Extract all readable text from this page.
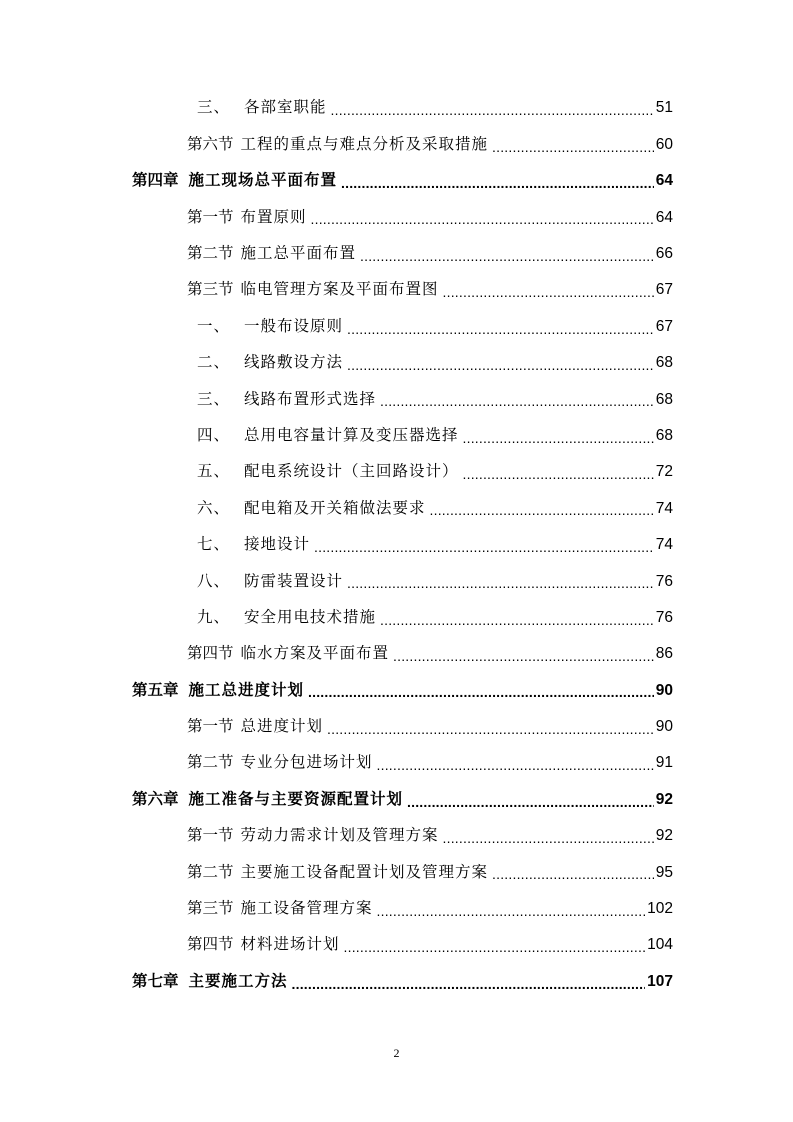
三、 各部室职能 .....	51
第六节 工程的重点与难点分析及采取措施 .....	60
第四章 施工现场总平面布置 .....	64
第一节 布置原则 .....	64
第二节 施工总平面布置 .....	66
第三节 临电管理方案及平面布置图 .....	67
一、 一般布设原则 .....	67
二、 线路敷设方法 .....	68
三、 线路布置形式选择 .....	68
四、 总用电容量计算及变压器选择 .....	68
五、 配电系统设计（主回路设计） .....	72
六、 配电箱及开关箱做法要求 .....	74
七、 接地设计 .....	74
八、 防雷装置设计 .....	76
九、 安全用电技术措施 .....	76
第四节 临水方案及平面布置 .....	86
第五章 施工总进度计划 .....	90
第一节 总进度计划 .....	90
第二节 专业分包进场计划 .....	91
第六章 施工准备与主要资源配置计划 .....	92
第一节 劳动力需求计划及管理方案 .....	92
第二节 主要施工设备配置计划及管理方案 .....	95
第三节 施工设备管理方案 .....	102
第四节 材料进场计划 .....	104
第七章 主要施工方法 .....	107
2
